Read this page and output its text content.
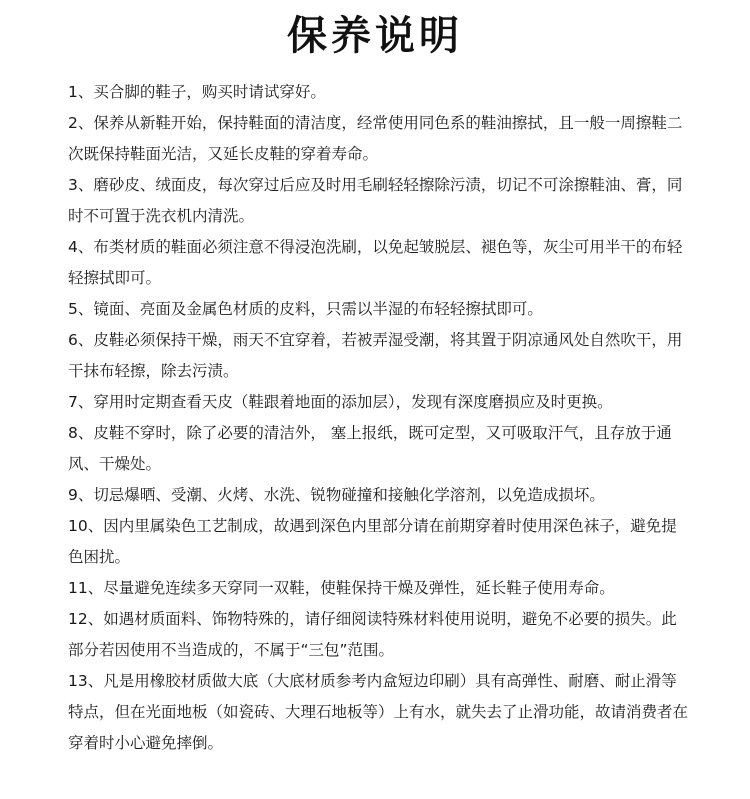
保养说明
1、买合脚的鞋子，购买时请试穿好。
2、保养从新鞋开始，保持鞋面的清洁度，经常使用同色系的鞋油擦拭，且一般一周擦鞋二次既保持鞋面光洁，又延长皮鞋的穿着寿命。
3、磨砂皮、绒面皮，每次穿过后应及时用毛刷轻轻擦除污渍，切记不可涂擦鞋油、膏，同时不可置于洗衣机内清洗。
4、布类材质的鞋面必须注意不得浸泡洗刷，以免起皱脱层、褪色等，灰尘可用半干的布轻轻擦拭即可。
5、镜面、亮面及金属色材质的皮料，只需以半湿的布轻轻擦拭即可。
6、皮鞋必须保持干燥，雨天不宜穿着，若被弄湿受潮，将其置于阴凉通风处自然吹干，用干抹布轻擦，除去污渍。
7、穿用时定期查看天皮（鞋跟着地面的添加层），发现有深度磨损应及时更换。
8、皮鞋不穿时，除了必要的清洁外， 塞上报纸，既可定型，又可吸取汗气，且存放于通风、干燥处。
9、切忌爆晒、受潮、火烤、水洗、锐物碰撞和接触化学溶剂，以免造成损坏。
10、因内里属染色工艺制成，故遇到深色内里部分请在前期穿着时使用深色袜子，避免提色困扰。
11、尽量避免连续多天穿同一双鞋，使鞋保持干燥及弹性，延长鞋子使用寿命。
12、如遇材质面料、饰物特殊的，请仔细阅读特殊材料使用说明，避免不必要的损失。此部分若因使用不当造成的，不属于“三包”范围。
13、凡是用橡胶材质做大底（大底材质参考内盒短边印刷）具有高弹性、耐磨、耐止滑等特点，但在光面地板（如瓷砖、大理石地板等）上有水，就失去了止滑功能，故请消费者在穿着时小心避免摔倒。
